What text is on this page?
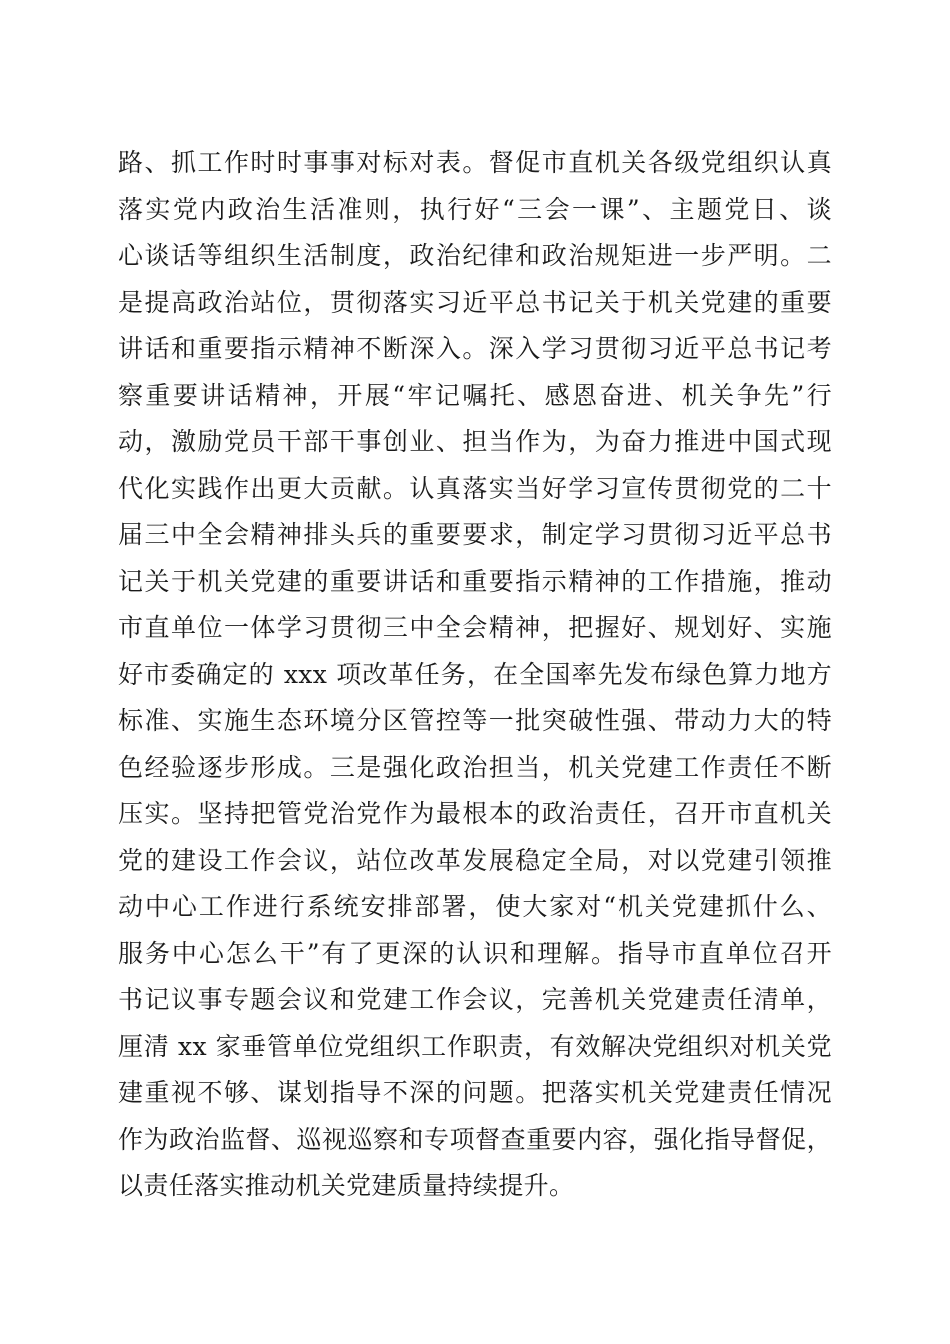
路、抓工作时时事事对标对表。督促市直机关各级党组织认真
落实党内政治生活准则，执行好“三会一课”、主题党日、谈
心谈话等组织生活制度，政治纪律和政治规矩进一步严明。二
是提高政治站位，贯彻落实习近平总书记关于机关党建的重要
讲话和重要指示精神不断深入。深入学习贯彻习近平总书记考
察重要讲话精神，开展“牢记嘱托、感恩奋进、机关争先”行
动，激励党员干部干事创业、担当作为，为奋力推进中国式现
代化实践作出更大贡献。认真落实当好学习宣传贯彻党的二十
届三中全会精神排头兵的重要要求，制定学习贯彻习近平总书
记关于机关党建的重要讲话和重要指示精神的工作措施，推动
市直单位一体学习贯彻三中全会精神，把握好、规划好、实施
好市委确定的 xxx 项改革任务，在全国率先发布绿色算力地方
标准、实施生态环境分区管控等一批突破性强、带动力大的特
色经验逐步形成。三是强化政治担当，机关党建工作责任不断
压实。坚持把管党治党作为最根本的政治责任，召开市直机关
党的建设工作会议，站位改革发展稳定全局，对以党建引领推
动中心工作进行系统安排部署，使大家对“机关党建抓什么、
服务中心怎么干”有了更深的认识和理解。指导市直单位召开
书记议事专题会议和党建工作会议，完善机关党建责任清单，
厘清 xx 家垂管单位党组织工作职责，有效解决党组织对机关党
建重视不够、谋划指导不深的问题。把落实机关党建责任情况
作为政治监督、巡视巡察和专项督查重要内容，强化指导督促，
以责任落实推动机关党建质量持续提升。
